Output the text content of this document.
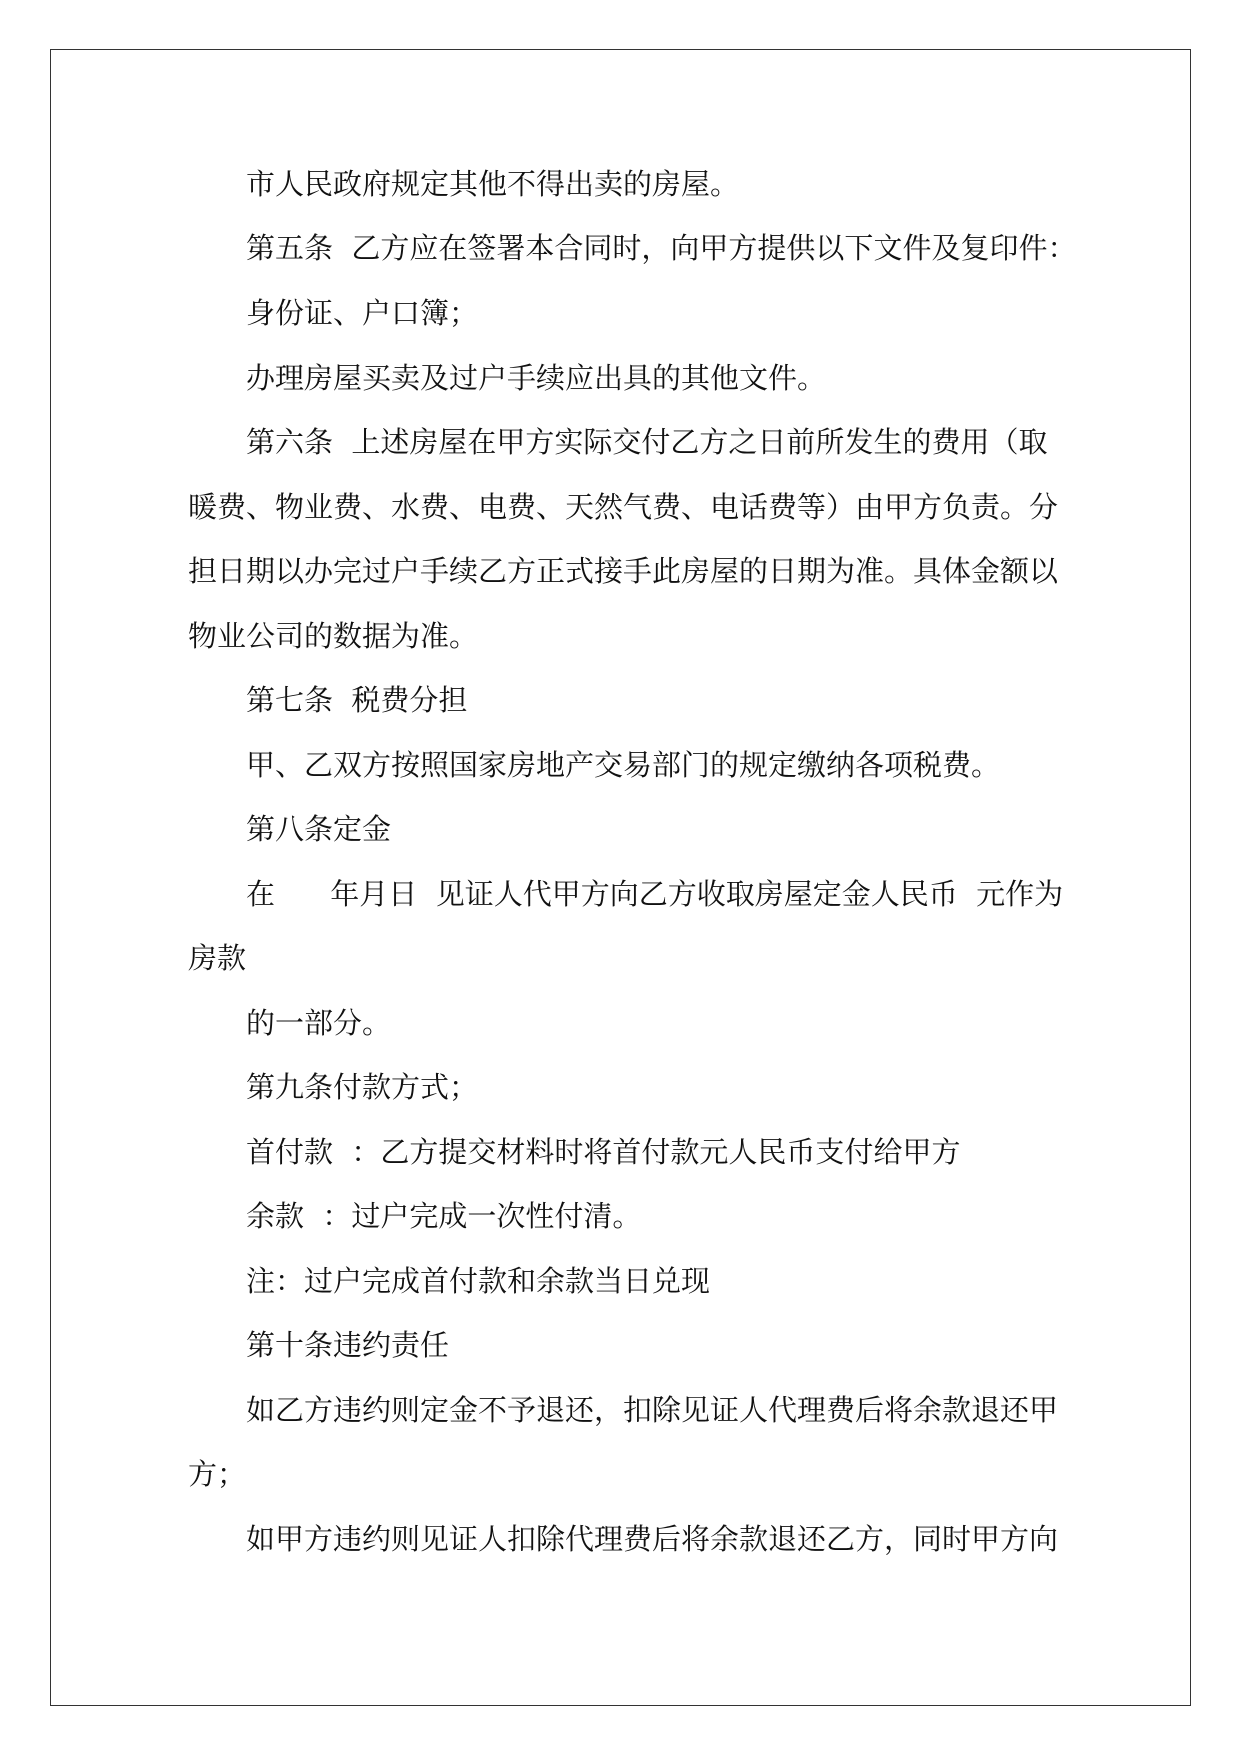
市人民政府规定其他不得出卖的房屋。
第五条  乙方应在签署本合同时，向甲方提供以下文件及复印件：
身份证、户口簿；
办理房屋买卖及过户手续应出具的其他文件。
第六条  上述房屋在甲方实际交付乙方之日前所发生的费用（取
暖费、物业费、水费、电费、天然气费、电话费等）由甲方负责。分
担日期以办完过户手续乙方正式接手此房屋的日期为准。具体金额以
物业公司的数据为准。
第七条  税费分担
甲、乙双方按照国家房地产交易部门的规定缴纳各项税费。
第八条定金
在      年月日  见证人代甲方向乙方收取房屋定金人民币  元作为
房款
的一部分。
第九条付款方式；
首付款  ：乙方提交材料时将首付款元人民币支付给甲方
余款  ：过户完成一次性付清。
注：过户完成首付款和余款当日兑现
第十条违约责任
如乙方违约则定金不予退还，扣除见证人代理费后将余款退还甲
方；
如甲方违约则见证人扣除代理费后将余款退还乙方，同时甲方向
